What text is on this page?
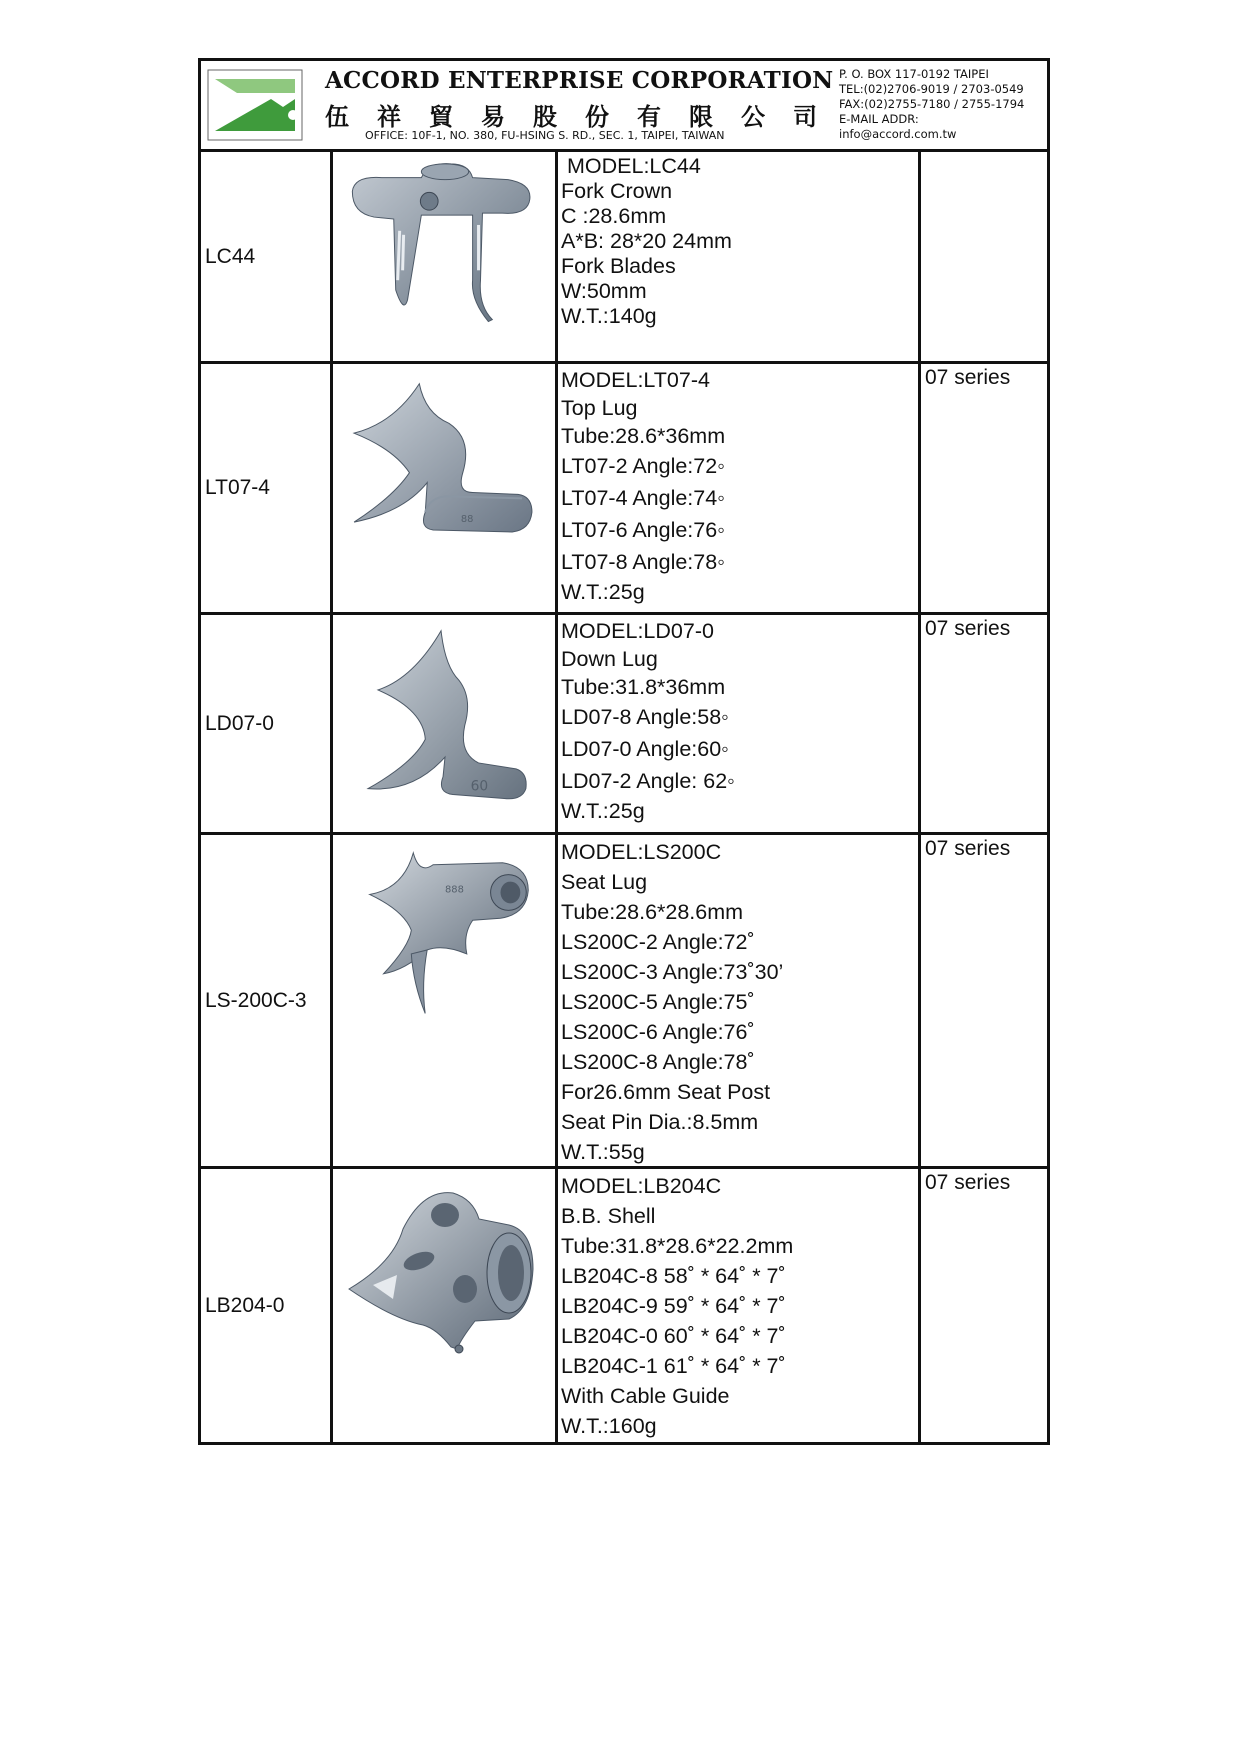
ACCORD ENTERPRISE CORPORATION
伍祥貿易股份有限公司
OFFICE: 10F-1, NO. 380, FU-HSING S. RD., SEC. 1, TAIPEI, TAIWAN
P. O. BOX 117-0192 TAIPEI
TEL:(02)2706-9019 / 2703-0549
FAX:(02)2755-7180 / 2755-1794
E-MAIL ADDR:
info@accord.com.tw
LC44
MODEL:LC44
Fork Crown
C :28.6mm
A*B: 28*20 24mm
Fork Blades
W:50mm
W.T.:140g
LT07-4
88
MODEL:LT07-4
Top Lug
Tube:28.6*36mm
LT07-2 Angle:72◦
LT07-4 Angle:74◦
LT07-6 Angle:76◦
LT07-8 Angle:78◦
W.T.:25g
07 series
LD07-0
60
MODEL:LD07-0
Down Lug
Tube:31.8*36mm
LD07-8 Angle:58◦
LD07-0 Angle:60◦
LD07-2 Angle: 62◦
W.T.:25g
07 series
LS-200C-3
888
MODEL:LS200C
Seat Lug
Tube:28.6*28.6mm
LS200C-2 Angle:72˚
LS200C-3 Angle:73˚30’
LS200C-5 Angle:75˚
LS200C-6 Angle:76˚
LS200C-8 Angle:78˚
For26.6mm Seat Post
Seat Pin Dia.:8.5mm
W.T.:55g
07 series
LB204-0
MODEL:LB204C
B.B. Shell
Tube:31.8*28.6*22.2mm
LB204C-8 58˚ * 64˚ * 7˚
LB204C-9 59˚ * 64˚ * 7˚
LB204C-0 60˚ * 64˚ * 7˚
LB204C-1 61˚ * 64˚ * 7˚
With Cable Guide
W.T.:160g
07 series
